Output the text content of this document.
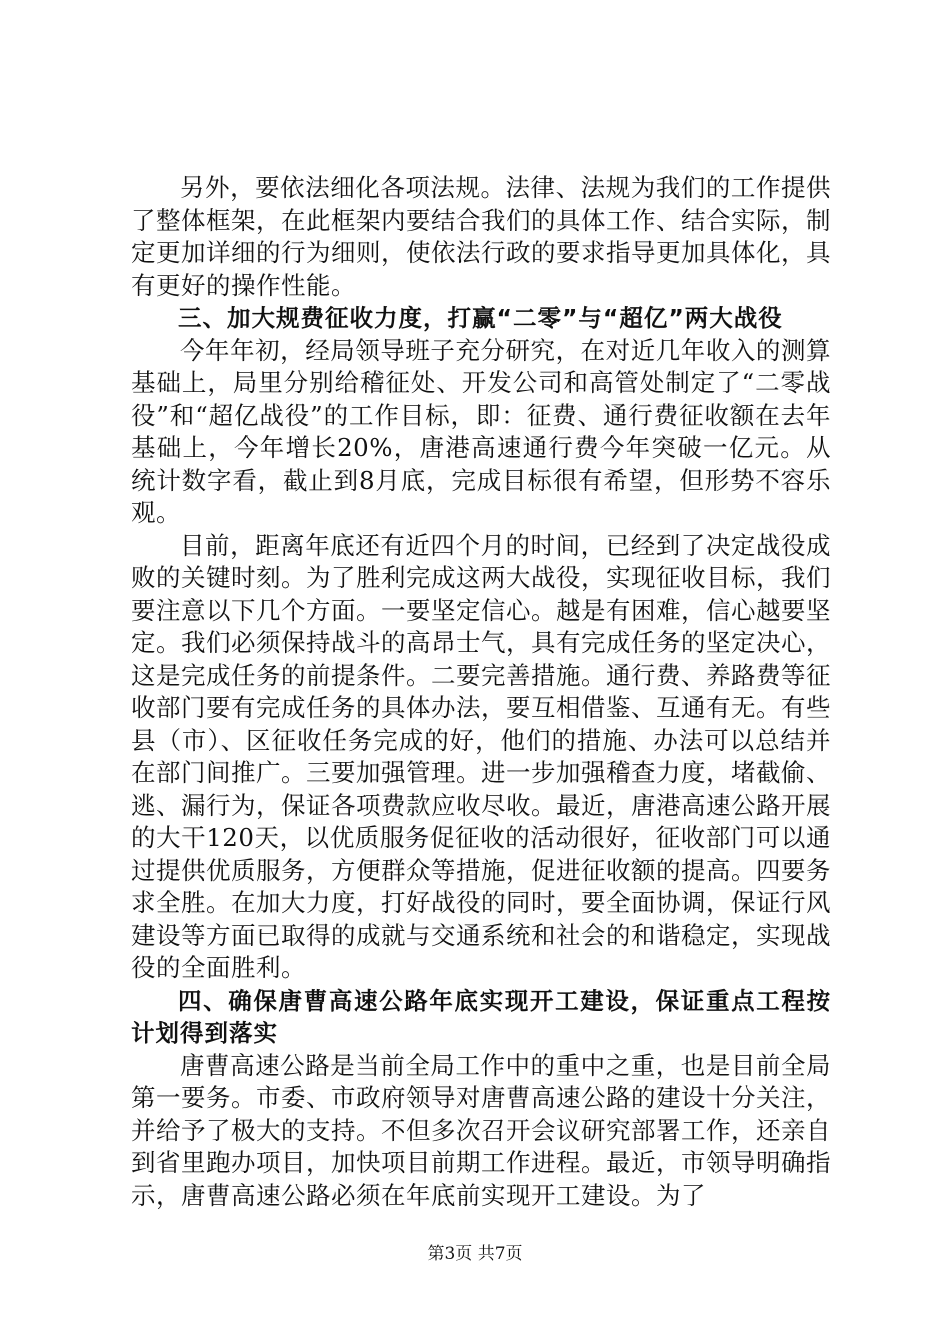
另外，要依法细化各项法规。法律、法规为我们的工作提供了整体框架，在此框架内要结合我们的具体工作、结合实际，制定更加详细的行为细则，使依法行政的要求指导更加具体化，具有更好的操作性能。

三、加大规费征收力度，打赢“二零”与“超亿”两大战役

今年年初，经局领导班子充分研究，在对近几年收入的测算基础上，局里分别给稽征处、开发公司和高管处制定了“二零战役”和“超亿战役”的工作目标，即：征费、通行费征收额在去年基础上，今年增长20%，唐港高速通行费今年突破一亿元。从统计数字看，截止到8月底，完成目标很有希望，但形势不容乐观。

目前，距离年底还有近四个月的时间，已经到了决定战役成败的关键时刻。为了胜利完成这两大战役，实现征收目标，我们要注意以下几个方面。一要坚定信心。越是有困难，信心越要坚定。我们必须保持战斗的高昂士气，具有完成任务的坚定决心，这是完成任务的前提条件。二要完善措施。通行费、养路费等征收部门要有完成任务的具体办法，要互相借鉴、互通有无。有些县（市）、区征收任务完成的好，他们的措施、办法可以总结并在部门间推广。三要加强管理。进一步加强稽查力度，堵截偷、逃、漏行为，保证各项费款应收尽收。最近，唐港高速公路开展的大干120天，以优质服务促征收的活动很好，征收部门可以通过提供优质服务，方便群众等措施，促进征收额的提高。四要务求全胜。在加大力度，打好战役的同时，要全面协调，保证行风建设等方面已取得的成就与交通系统和社会的和谐稳定，实现战役的全面胜利。

四、确保唐曹高速公路年底实现开工建设，保证重点工程按计划得到落实

唐曹高速公路是当前全局工作中的重中之重，也是目前全局第一要务。市委、市政府领导对唐曹高速公路的建设十分关注，并给予了极大的支持。不但多次召开会议研究部署工作，还亲自到省里跑办项目，加快项目前期工作进程。最近，市领导明确指示，唐曹高速公路必须在年底前实现开工建设。为了

第3页 共7页
